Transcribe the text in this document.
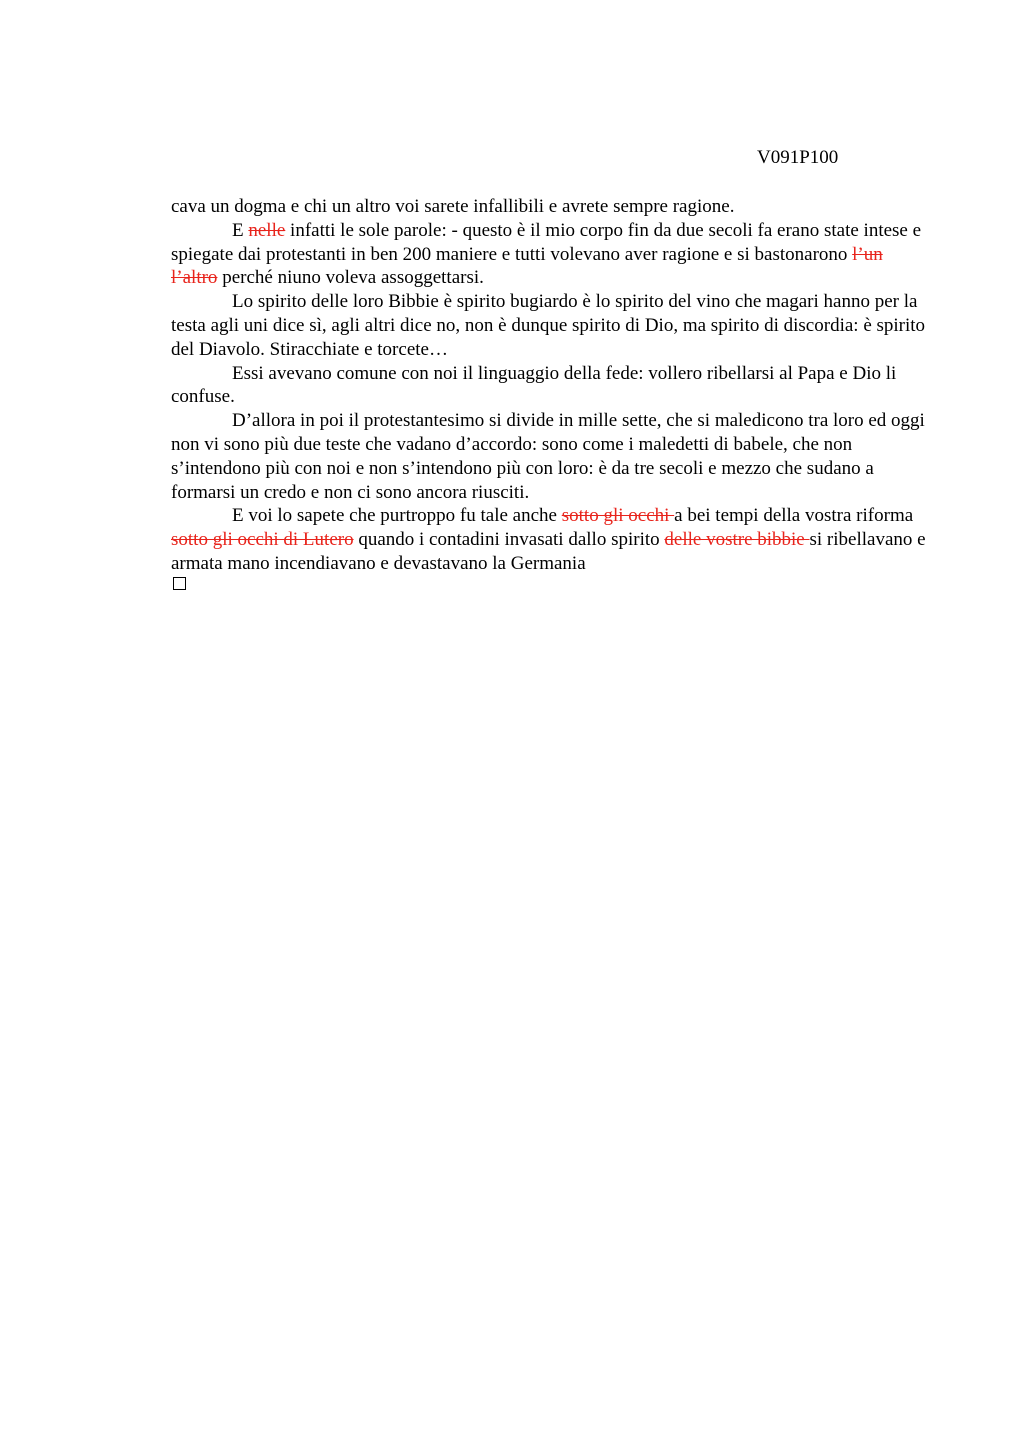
V091P100

cava un dogma e chi un altro voi sarete infallibili e avrete sempre ragione.

E nelle infatti le sole parole: - questo è il mio corpo fin da due secoli fa erano state intese e spiegate dai protestanti in ben 200 maniere e tutti volevano aver ragione e si bastonarono l’un l’altro perché niuno voleva assoggettarsi.

Lo spirito delle loro Bibbie è spirito bugiardo è lo spirito del vino che magari hanno per la testa agli uni dice sì, agli altri dice no, non è dunque spirito di Dio, ma spirito di discordia: è spirito del Diavolo. Stiracchiate e torcete…

Essi avevano comune con noi il linguaggio della fede: vollero ribellarsi al Papa e Dio li confuse.

D’allora in poi il protestantesimo si divide in mille sette, che si maledicono tra loro ed oggi non vi sono più due teste che vadano d’accordo: sono come i maledetti di babele, che non s’intendono più con noi e non s’intendono più con loro: è da tre secoli e mezzo che sudano a formarsi un credo e non ci sono ancora riusciti.

E voi lo sapete che purtroppo fu tale anche sotto gli occhi a bei tempi della vostra riforma sotto gli occhi di Lutero quando i contadini invasati dallo spirito delle vostre bibbie si ribellavano e armata mano incendiavano e devastavano la Germania
